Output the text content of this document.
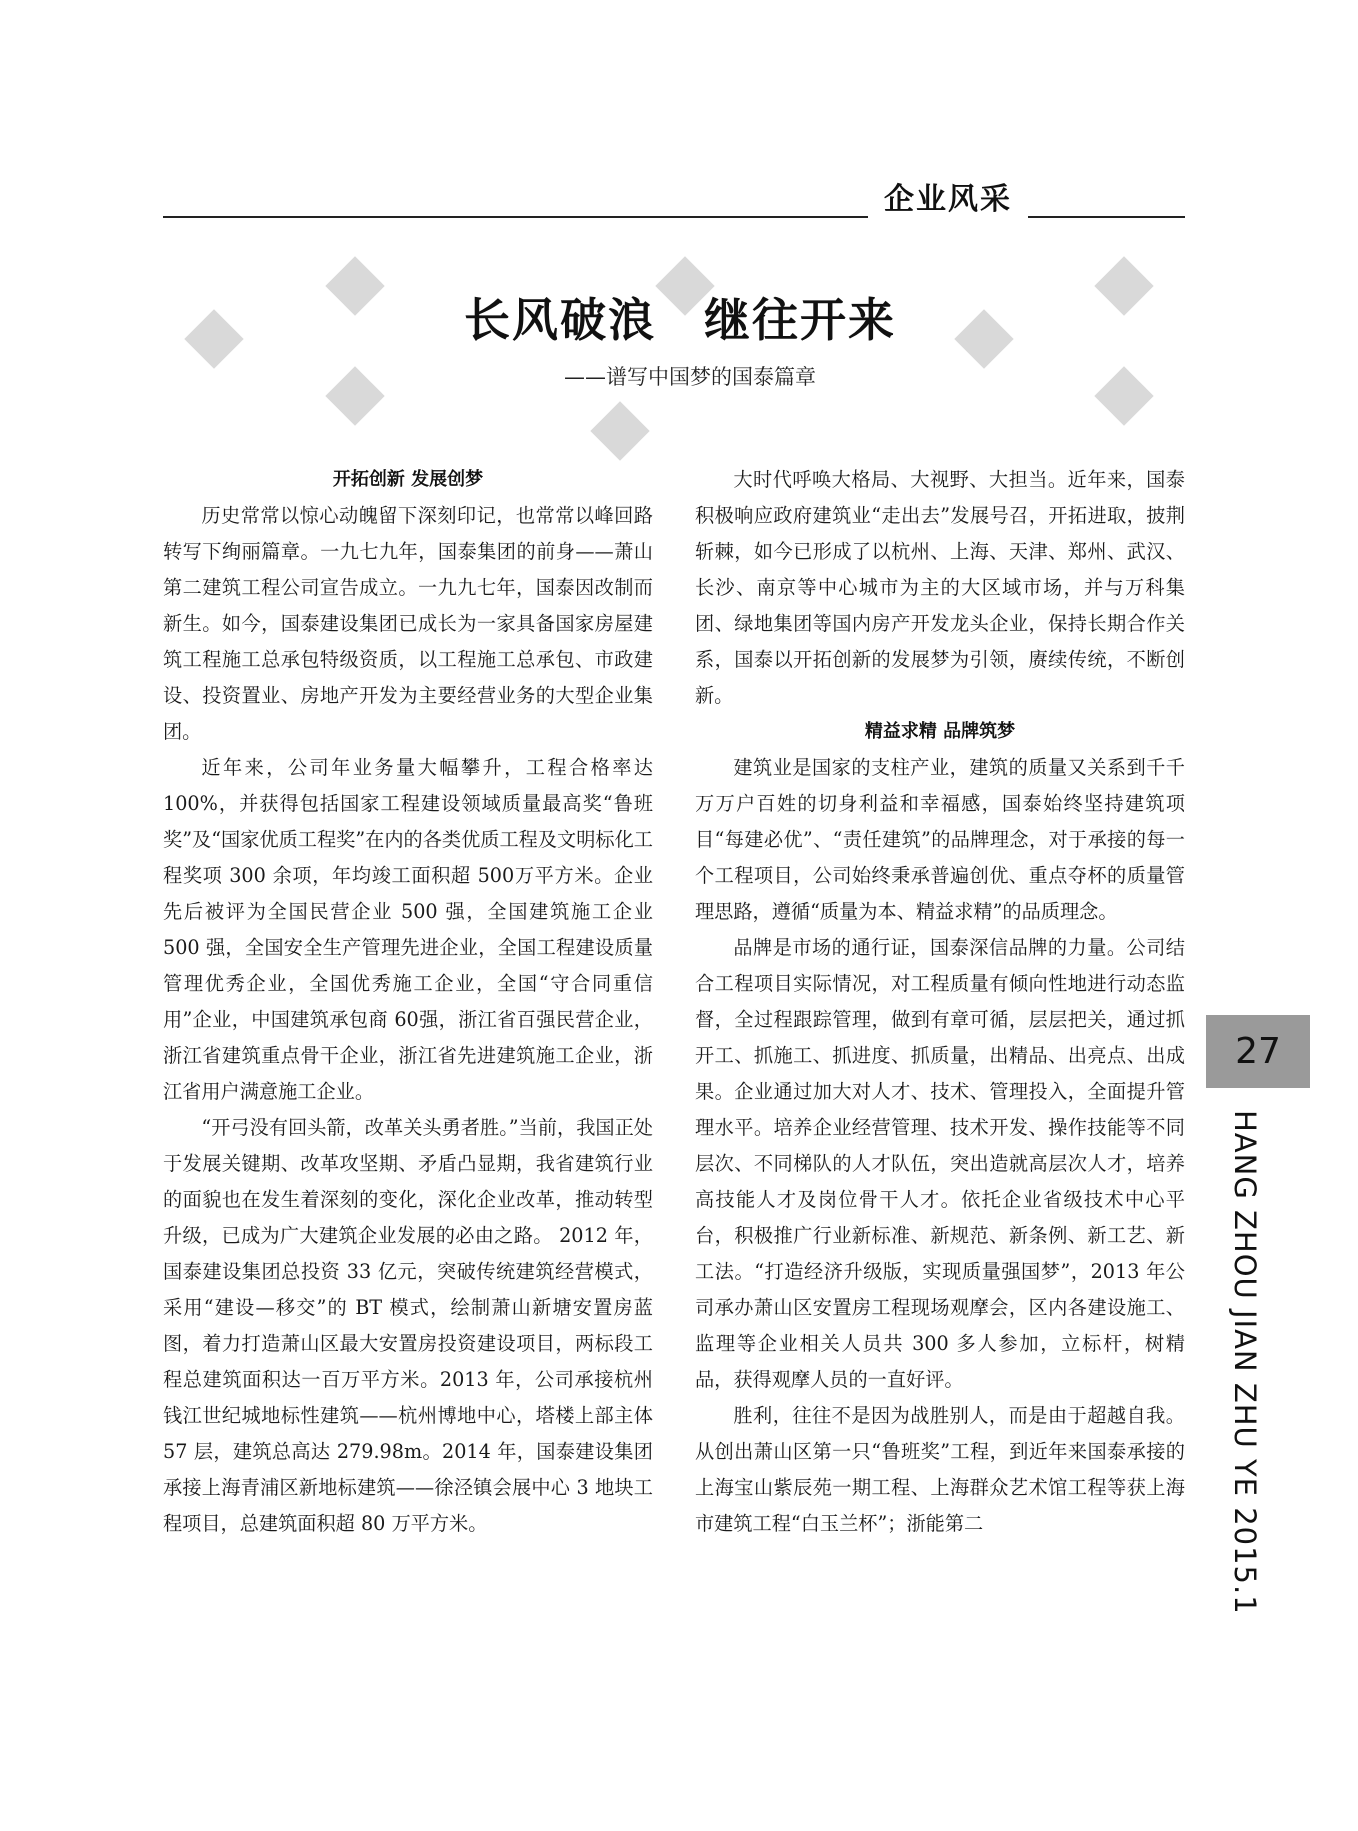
企业风采
长风破浪　继往开来
——谱写中国梦的国泰篇章
开拓创新 发展创梦

历史常常以惊心动魄留下深刻印记，也常常以峰回路转写下绚丽篇章。一九七九年，国泰集团的前身——萧山第二建筑工程公司宣告成立。一九九七年，国泰因改制而新生。如今，国泰建设集团已成长为一家具备国家房屋建筑工程施工总承包特级资质，以工程施工总承包、市政建设、投资置业、房地产开发为主要经营业务的大型企业集团。

近年来，公司年业务量大幅攀升，工程合格率达100%，并获得包括国家工程建设领域质量最高奖“鲁班奖”及“国家优质工程奖”在内的各类优质工程及文明标化工程奖项 300 余项，年均竣工面积超 500万平方米。企业先后被评为全国民营企业 500 强，全国建筑施工企业 500 强，全国安全生产管理先进企业，全国工程建设质量管理优秀企业，全国优秀施工企业，全国“守合同重信用”企业，中国建筑承包商 60强，浙江省百强民营企业，浙江省建筑重点骨干企业，浙江省先进建筑施工企业，浙江省用户满意施工企业。

“开弓没有回头箭，改革关头勇者胜。”当前，我国正处于发展关键期、改革攻坚期、矛盾凸显期，我省建筑行业的面貌也在发生着深刻的变化，深化企业改革，推动转型升级，已成为广大建筑企业发展的必由之路。 2012 年，国泰建设集团总投资 33 亿元，突破传统建筑经营模式，采用“建设—移交”的 BT 模式，绘制萧山新塘安置房蓝图，着力打造萧山区最大安置房投资建设项目，两标段工程总建筑面积达一百万平方米。2013 年，公司承接杭州钱江世纪城地标性建筑——杭州博地中心，塔楼上部主体 57 层，建筑总高达 279.98m。2014 年，国泰建设集团承接上海青浦区新地标建筑——徐泾镇会展中心 3 地块工程项目，总建筑面积超 80 万平方米。

大时代呼唤大格局、大视野、大担当。近年来，国泰积极响应政府建筑业“走出去”发展号召，开拓进取，披荆斩棘，如今已形成了以杭州、上海、天津、郑州、武汉、长沙、南京等中心城市为主的大区域市场，并与万科集团、绿地集团等国内房产开发龙头企业，保持长期合作关系，国泰以开拓创新的发展梦为引领，赓续传统，不断创新。

精益求精 品牌筑梦

建筑业是国家的支柱产业，建筑的质量又关系到千千万万户百姓的切身利益和幸福感，国泰始终坚持建筑项目“每建必优”、“责任建筑”的品牌理念，对于承接的每一个工程项目，公司始终秉承普遍创优、重点夺杯的质量管理思路，遵循“质量为本、精益求精”的品质理念。

品牌是市场的通行证，国泰深信品牌的力量。公司结合工程项目实际情况，对工程质量有倾向性地进行动态监督，全过程跟踪管理，做到有章可循，层层把关，通过抓开工、抓施工、抓进度、抓质量，出精品、出亮点、出成果。企业通过加大对人才、技术、管理投入，全面提升管理水平。培养企业经营管理、技术开发、操作技能等不同层次、不同梯队的人才队伍，突出造就高层次人才，培养高技能人才及岗位骨干人才。依托企业省级技术中心平台，积极推广行业新标准、新规范、新条例、新工艺、新工法。“打造经济升级版，实现质量强国梦”，2013 年公司承办萧山区安置房工程现场观摩会，区内各建设施工、监理等企业相关人员共 300 多人参加，立标杆，树精品，获得观摩人员的一直好评。

胜利，往往不是因为战胜别人，而是由于超越自我。从创出萧山区第一只“鲁班奖”工程，到近年来国泰承接的上海宝山紫辰苑一期工程、上海群众艺术馆工程等获上海市建筑工程“白玉兰杯”；浙能第二

27
HANG ZHOU JIAN ZHU YE 2015.1
